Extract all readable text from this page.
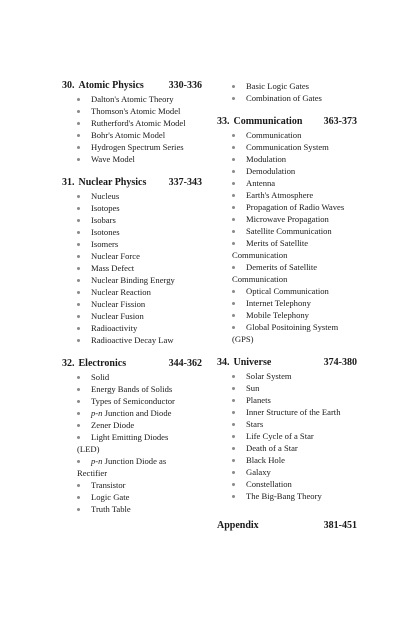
30. Atomic Physics 330-336
Dalton's Atomic Theory
Thomson's Atomic Model
Rutherford's Atomic Model
Bohr's Atomic Model
Hydrogen Spectrum Series
Wave Model
31. Nuclear Physics 337-343
Nucleus
Isotopes
Isobars
Isotones
Isomers
Nuclear Force
Mass Defect
Nuclear Binding Energy
Nuclear Reaction
Nuclear Fission
Nuclear Fusion
Radioactivity
Radioactive Decay Law
32. Electronics	344-362
Solid
Energy Bands of Solids
Types of Semiconductor
p-n Junction and Diode
Zener Diode
Light Emitting Diodes
(LED)
p-n Junction Diode as
Rectifier
Transistor
Logic Gate
Truth Table
Basic Logic Gates
Combination of Gates
33. Communication 363-373
Communication
Communication System
Modulation
Demodulation
Antenna
Earth's Atmosphere
Propagation of Radio Waves
Microwave Propagation
Satellite Communication
Merits of Satellite
Communication
Demerits of Satellite
Communication
Optical Communication
Internet Telephony
Mobile Telephony
Global Positoining System
(GPS)
34. Universe	374-380
Solar System
Sun
Planets
Inner Structure of the Earth
Stars
Life Cycle of a Star
Death of a Star
Black Hole
Galaxy
Constellation
The Big-Bang Theory
Appendix	381-451
